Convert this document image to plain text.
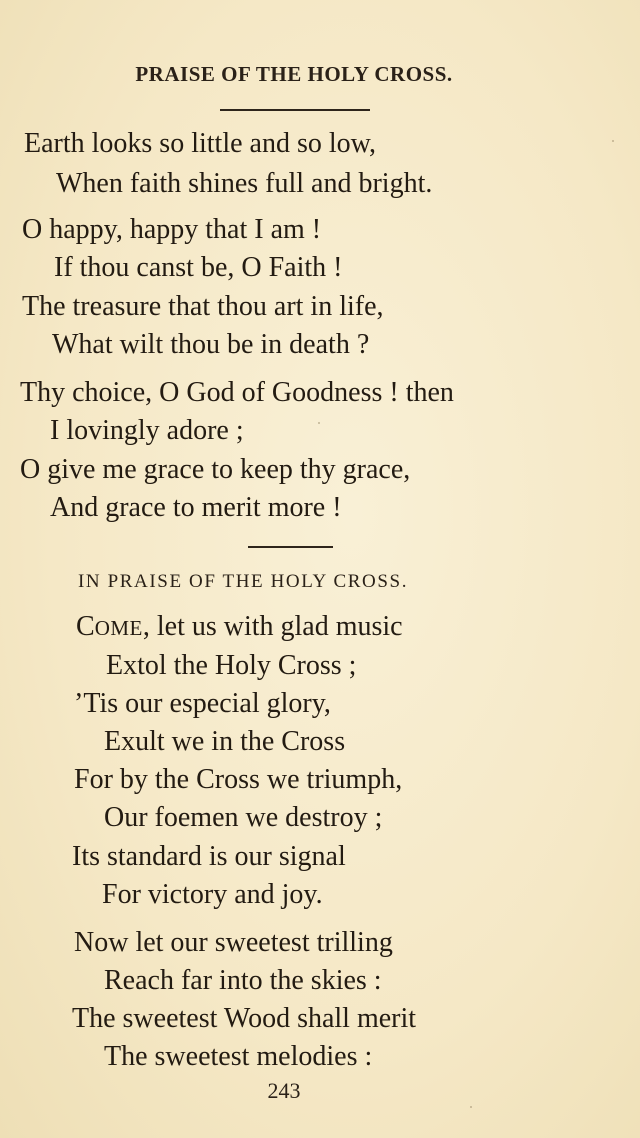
PRAISE OF THE HOLY CROSS.
Earth looks so little and so low,
When faith shines full and bright.
O happy, happy that I am !
If thou canst be, O Faith !
The treasure that thou art in life,
What wilt thou be in death ?
Thy choice, O God of Goodness ! then
I lovingly adore ;
O give me grace to keep thy grace,
And grace to merit more !
IN PRAISE OF THE HOLY CROSS.
COME, let us with glad music
Extol the Holy Cross ;
’Tis our especial glory,
Exult we in the Cross
For by the Cross we triumph,
Our foemen we destroy ;
Its standard is our signal
For victory and joy.
Now let our sweetest trilling
Reach far into the skies :
The sweetest Wood shall merit
The sweetest melodies :
243
